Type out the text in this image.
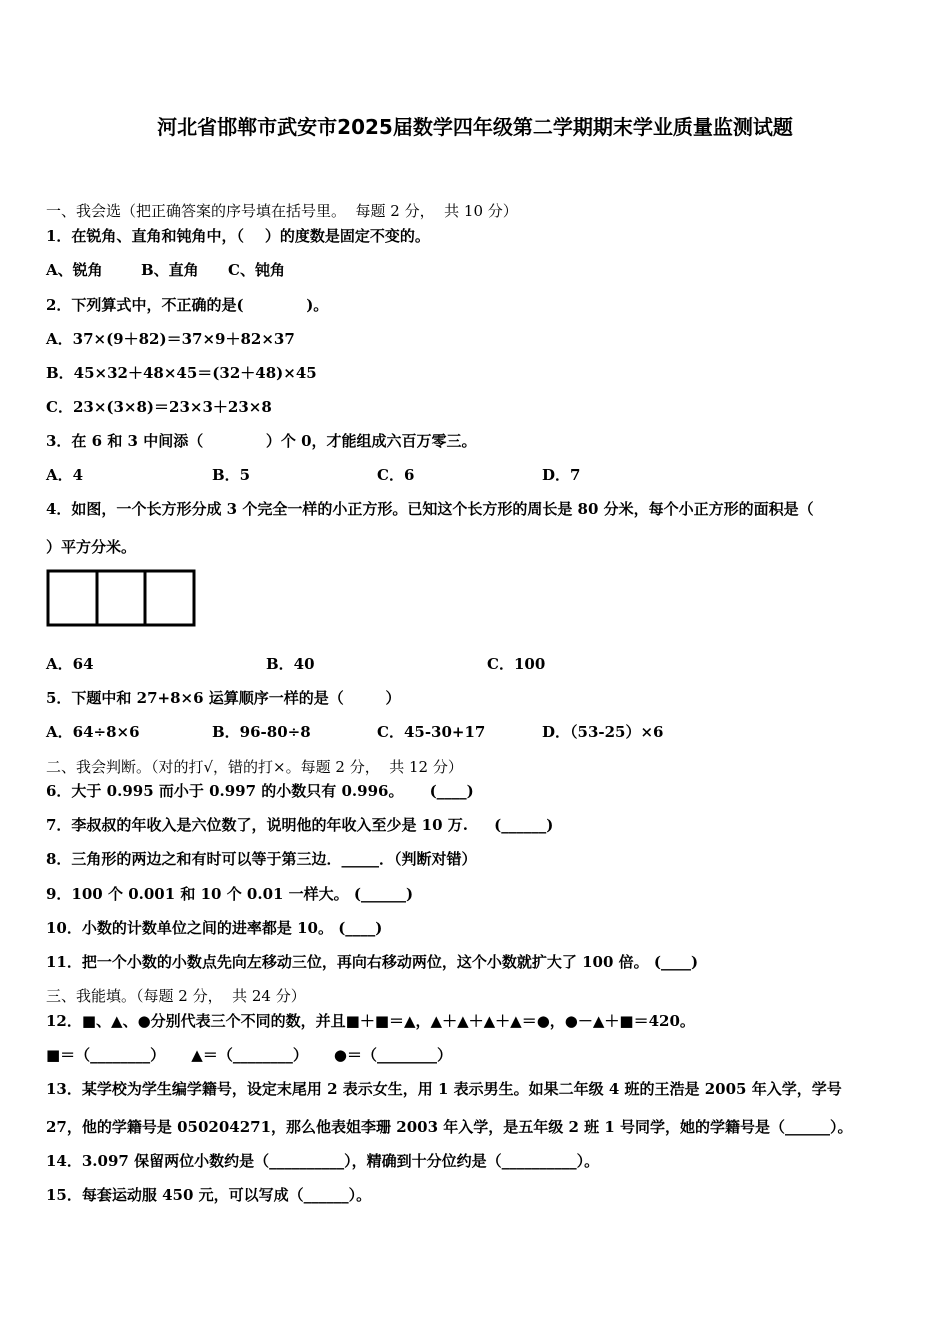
河北省邯郸市武安市2025届数学四年级第二学期期末学业质量监测试题

一、我会选（把正确答案的序号填在括号里。  每题 2 分，  共 10 分）

1．在锐角、直角和钝角中，（    ）的度数是固定不变的。

A、锐角	B、直角 C、钝角

2．下列算式中，不正确的是(            )。

A．37×(9＋82)＝37×9＋82×37

B．45×32＋48×45＝(32＋48)×45

C．23×(3×8)＝23×3＋23×8

3．在 6 和 3 中间添（            ）个 0，才能组成六百万零三。

A．4	B．5	C．6	D．7

4．如图，一个长方形分成 3 个完全一样的小正方形。已知这个长方形的周长是 80 分米，每个小正方形的面积是（

）平方分米。

A．64	B．40	C．100

5．下题中和 27+8×6 运算顺序一样的是（        ）

A．64÷8×6	B．96-80÷8	C．45-30+17	D．（53-25）×6

二、我会判断。（对的打√，错的打×。每题 2 分，  共 12 分）

6．大于 0.995 而小于 0.997 的小数只有 0.996。     (____)

7．李叔叔的年收入是六位数了，说明他的年收入至少是 10 万.     (______)

8．三角形的两边之和有时可以等于第三边．_____．（判断对错）

9．100 个 0.001 和 10 个 0.01 一样大。 (______)

10．小数的计数单位之间的进率都是 10。 (____)

11．把一个小数的小数点先向左移动三位，再向右移动两位，这个小数就扩大了 100 倍。 (____)

三、我能填。（每题 2 分，  共 24 分）

12．■、▲、●分别代表三个不同的数，并且■＋■＝▲，▲＋▲＋▲＋▲＝●，●－▲＋■＝420。

■＝（________）     ▲＝（________）     ●＝（________）

13．某学校为学生编学籍号，设定末尾用 2 表示女生，用 1 表示男生。如果二年级 4 班的王浩是 2005 年入学，学号

27，他的学籍号是 050204271，那么他表姐李珊 2003 年入学，是五年级 2 班 1 号同学，她的学籍号是（______）。

14．3.097 保留两位小数约是（__________），精确到十分位约是（__________）。

15．每套运动服 450 元，可以写成（______）。
